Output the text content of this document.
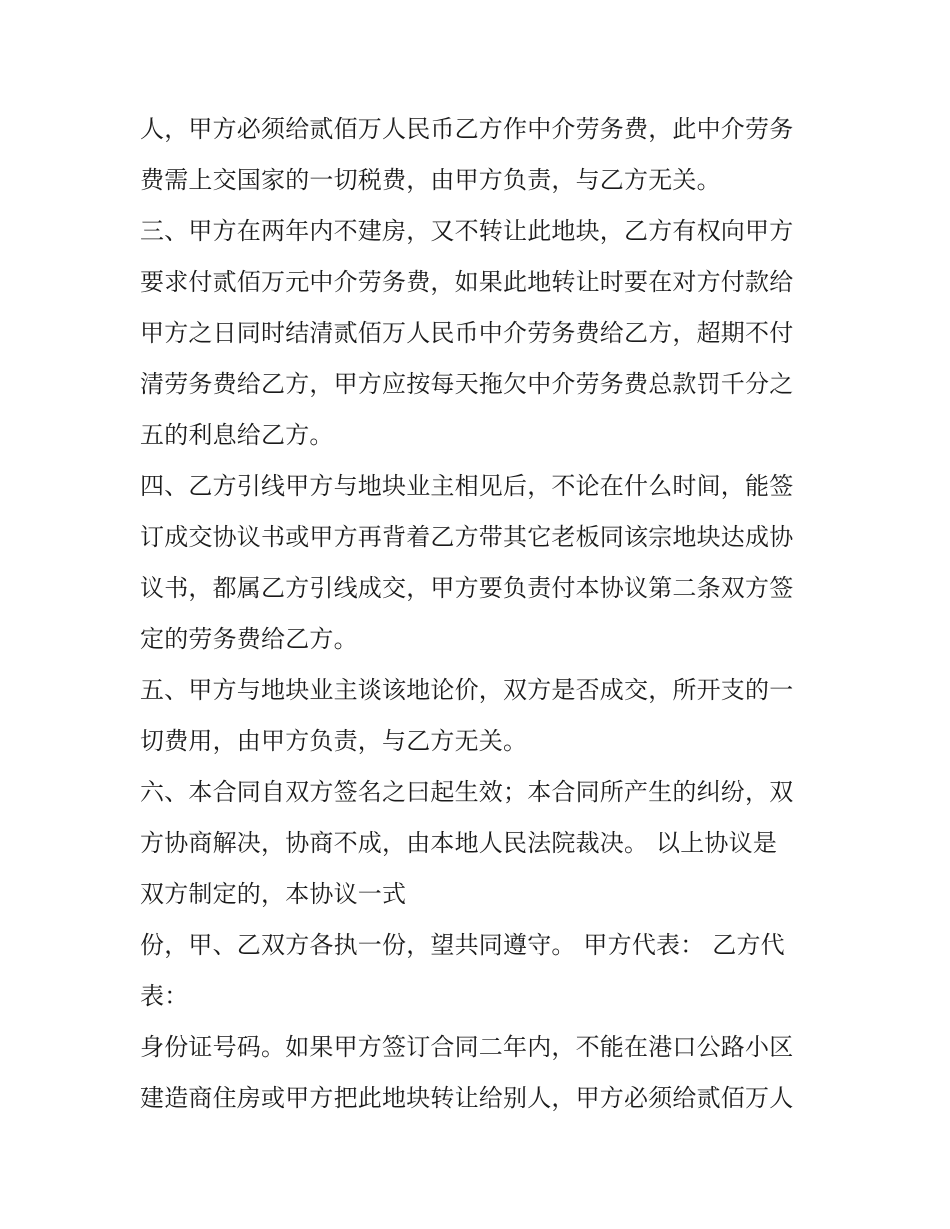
人，甲方必须给贰佰万人民币乙方作中介劳务费，此中介劳务
费需上交国家的一切税费，由甲方负责，与乙方无关。
三、甲方在两年内不建房，又不转让此地块，乙方有权向甲方
要求付贰佰万元中介劳务费，如果此地转让时要在对方付款给
甲方之日同时结清贰佰万人民币中介劳务费给乙方，超期不付
清劳务费给乙方，甲方应按每天拖欠中介劳务费总款罚千分之
五的利息给乙方。
四、乙方引线甲方与地块业主相见后，不论在什么时间，能签
订成交协议书或甲方再背着乙方带其它老板同该宗地块达成协
议书，都属乙方引线成交，甲方要负责付本协议第二条双方签
定的劳务费给乙方。
五、甲方与地块业主谈该地论价，双方是否成交，所开支的一
切费用，由甲方负责，与乙方无关。
六、本合同自双方签名之曰起生效；本合同所产生的纠纷，双
方协商解决，协商不成，由本地人民法院裁决。 以上协议是
双方制定的，本协议一式
份，甲、乙双方各执一份，望共同遵守。 甲方代表： 乙方代
表：
身份证号码。如果甲方签订合同二年内，不能在港口公路小区
建造商住房或甲方把此地块转让给别人，甲方必须给贰佰万人
